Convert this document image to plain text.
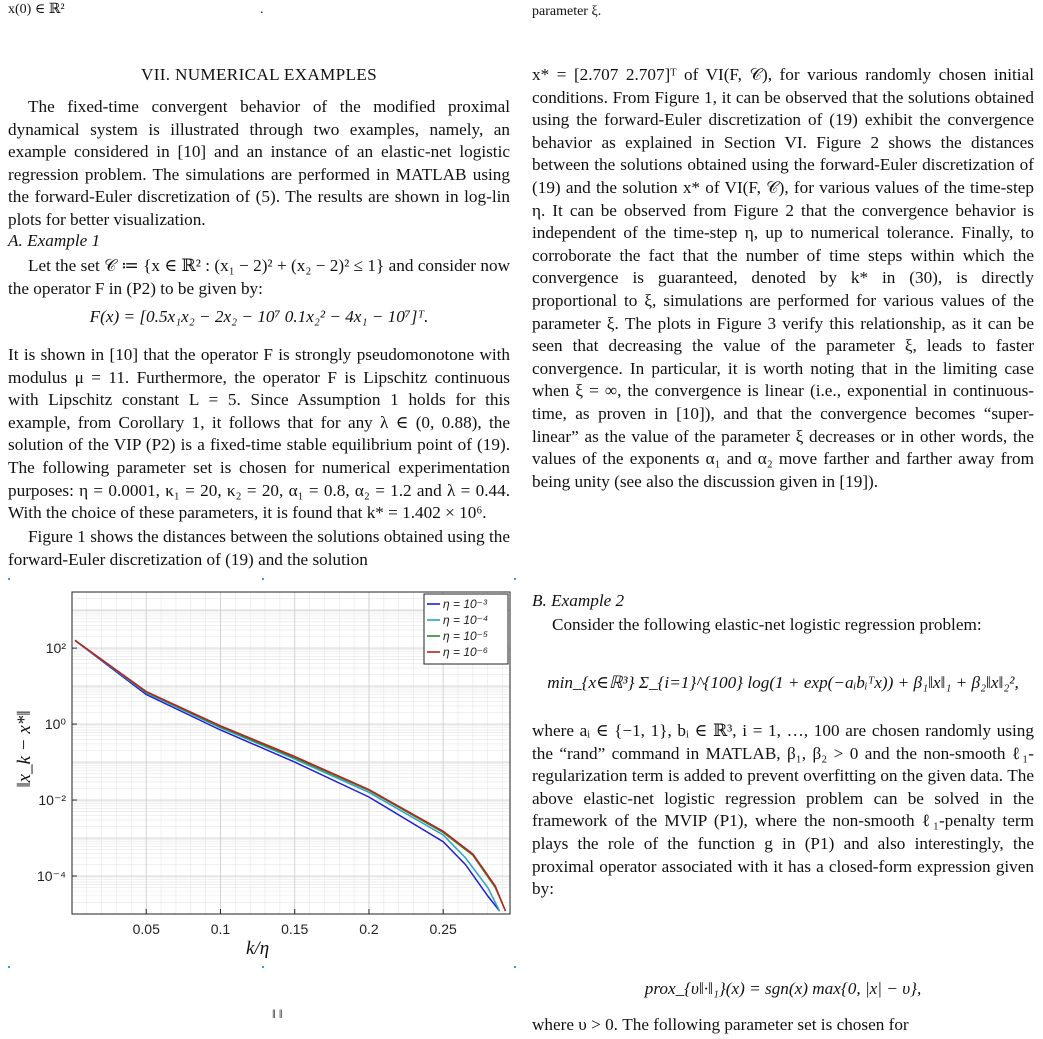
x(0) ∈ ℝ²	.

VII. NUMERICAL EXAMPLES

The fixed-time convergent behavior of the modified proximal dynamical system is illustrated through two examples, namely, an example considered in [10] and an instance of an elastic-net logistic regression problem. The simulations are performed in MATLAB using the forward-Euler discretization of (5). The results are shown in log-lin plots for better visualization.

A. Example 1

Let the set 𝒞 ≔ {x ∈ ℝ² : (x₁ − 2)² + (x₂ − 2)² ≤ 1} and consider now the operator F in (P2) to be given by:

F(x) = [0.5x₁x₂ − 2x₂ − 10⁷ 0.1x₂² − 4x₁ − 10⁷]ᵀ.

It is shown in [10] that the operator F is strongly pseudomonotone with modulus μ = 11. Furthermore, the operator F is Lipschitz continuous with Lipschitz constant L = 5. Since Assumption 1 holds for this example, from Corollary 1, it follows that for any λ ∈ (0, 0.88), the solution of the VIP (P2) is a fixed-time stable equilibrium point of (19). The following parameter set is chosen for numerical experimentation purposes: η = 0.0001, κ₁ = 20, κ₂ = 20, α₁ = 0.8, α₂ = 1.2 and λ = 0.44. With the choice of these parameters, it is found that k* = 1.402 × 10⁶.

Figure 1 shows the distances between the solutions obtained using the forward-Euler discretization of (19) and the solution

0.05	0.1	0.15	0.2	0.25
10⁻⁴
10⁻²
10⁰
10²
η = 10⁻³
η = 10⁻⁴
η = 10⁻⁵
η = 10⁻⁶
‖x_k − x*‖
k/η
‖ ‖
parameter ξ.

x* = [2.707 2.707]ᵀ of VI(F, 𝒞), for various randomly chosen initial conditions. From Figure 1, it can be observed that the solutions obtained using the forward-Euler discretization of (19) exhibit the convergence behavior as explained in Section VI. Figure 2 shows the distances between the solutions obtained using the forward-Euler discretization of (19) and the solution x* of VI(F, 𝒞), for various values of the time-step η. It can be observed from Figure 2 that the convergence behavior is independent of the time-step η, up to numerical tolerance. Finally, to corroborate the fact that the number of time steps within which the convergence is guaranteed, denoted by k* in (30), is directly proportional to ξ, simulations are performed for various values of the parameter ξ. The plots in Figure 3 verify this relationship, as it can be seen that decreasing the value of the parameter ξ, leads to faster convergence. In particular, it is worth noting that in the limiting case when ξ = ∞, the convergence is linear (i.e., exponential in continuous-time, as proven in [10]), and that the convergence becomes “super-linear” as the value of the parameter ξ decreases or in other words, the values of the exponents α₁ and α₂ move farther and farther away from being unity (see also the discussion given in [19]).

B. Example 2

Consider the following elastic-net logistic regression problem:

min_{x∈ℝ³} Σ_{i=1}^{100} log(1 + exp(−aᵢbᵢᵀx)) + β₁‖x‖₁ + β₂‖x‖₂²,

where aᵢ ∈ {−1, 1}, bᵢ ∈ ℝ³, i = 1, …, 100 are chosen randomly using the “rand” command in MATLAB, β₁, β₂ > 0 and the non-smooth ℓ₁-regularization term is added to prevent overfitting on the given data. The above elastic-net logistic regression problem can be solved in the framework of the MVIP (P1), where the non-smooth ℓ₁-penalty term plays the role of the function g in (P1) and also interestingly, the proximal operator associated with it has a closed-form expression given by:

prox_{υ‖·‖₁}(x) = sgn(x) max{0, |x| − υ},

where υ > 0. The following parameter set is chosen for
